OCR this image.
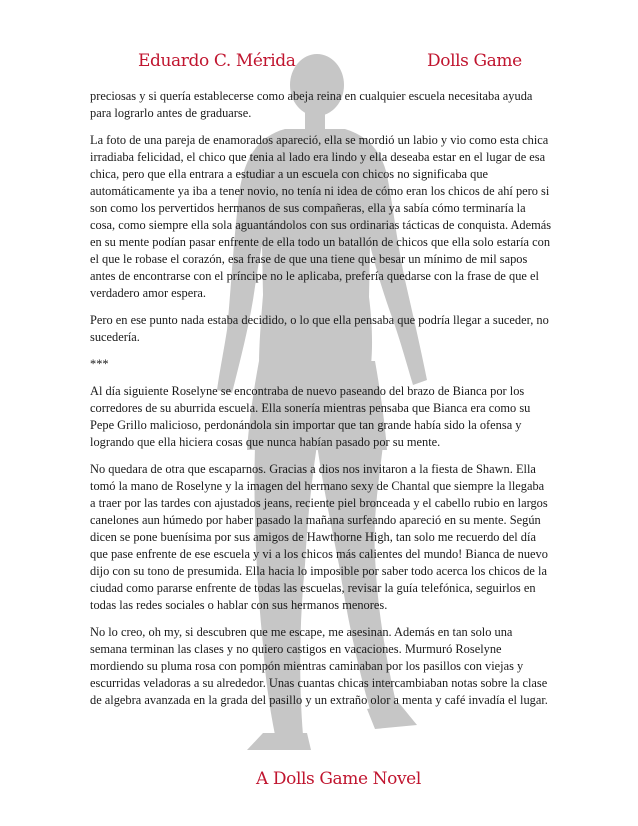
Eduardo C. Mérida	Dolls Game

preciosas y si quería establecerse como abeja reina en cualquier escuela necesitaba ayuda para lograrlo antes de graduarse.

La foto de una pareja de enamorados apareció, ella se mordió un labio y vio como esta chica irradiaba felicidad, el chico que tenia al lado era lindo y ella deseaba estar en el lugar de esa chica, pero que ella entrara a estudiar a un escuela con chicos no significaba que automáticamente ya iba a tener novio, no tenía ni idea de cómo eran los chicos de ahí pero si son como los pervertidos hermanos de sus compañeras, ella ya sabía cómo terminaría la cosa, como siempre ella sola aguantándolos con sus ordinarias tácticas de conquista. Además en su mente podían pasar enfrente de ella todo un batallón de chicos que ella solo estaría con el que le robase el corazón, esa frase de que una tiene que besar un mínimo de mil sapos antes de encontrarse con el príncipe no le aplicaba, prefería quedarse con la frase de que el verdadero amor espera.

Pero en ese punto nada estaba decidido, o lo que ella pensaba que podría llegar a suceder, no sucedería.

***

Al día siguiente Roselyne se encontraba de nuevo paseando del brazo de Bianca por los corredores de su aburrida escuela. Ella sonería mientras pensaba que Bianca era como su Pepe Grillo malicioso, perdonándola sin importar que tan grande había sido la ofensa y logrando que ella hiciera cosas que nunca habían pasado por su mente.

No quedara de otra que escaparnos. Gracias a dios nos invitaron a la fiesta de Shawn. Ella tomó la mano de Roselyne y la imagen del hermano sexy de Chantal que siempre la llegaba a traer por las tardes con ajustados jeans, reciente piel bronceada y el cabello rubio en largos canelones aun húmedo por haber pasado la mañana surfeando apareció en su mente. Según dicen se pone buenísima por sus amigos de Hawthorne High, tan solo me recuerdo del día que pase enfrente de ese escuela y vi a los chicos más calientes del mundo! Bianca de nuevo dijo con su tono de presumida. Ella hacia lo imposible por saber todo acerca los chicos de la ciudad como pararse enfrente de todas las escuelas, revisar la guía telefónica, seguirlos en todas las redes sociales o hablar con sus hermanos menores.

No lo creo, oh my, si descubren que me escape, me asesinan. Además en tan solo una semana terminan las clases y no quiero castigos en vacaciones. Murmuró Roselyne mordiendo su pluma rosa con pompón mientras caminaban por los pasillos con viejas y escurridas veladoras a su alrededor. Unas cuantas chicas intercambiaban notas sobre la clase de algebra avanzada en la grada del pasillo y un extraño olor a menta y café invadía el lugar.

A Dolls Game Novel
